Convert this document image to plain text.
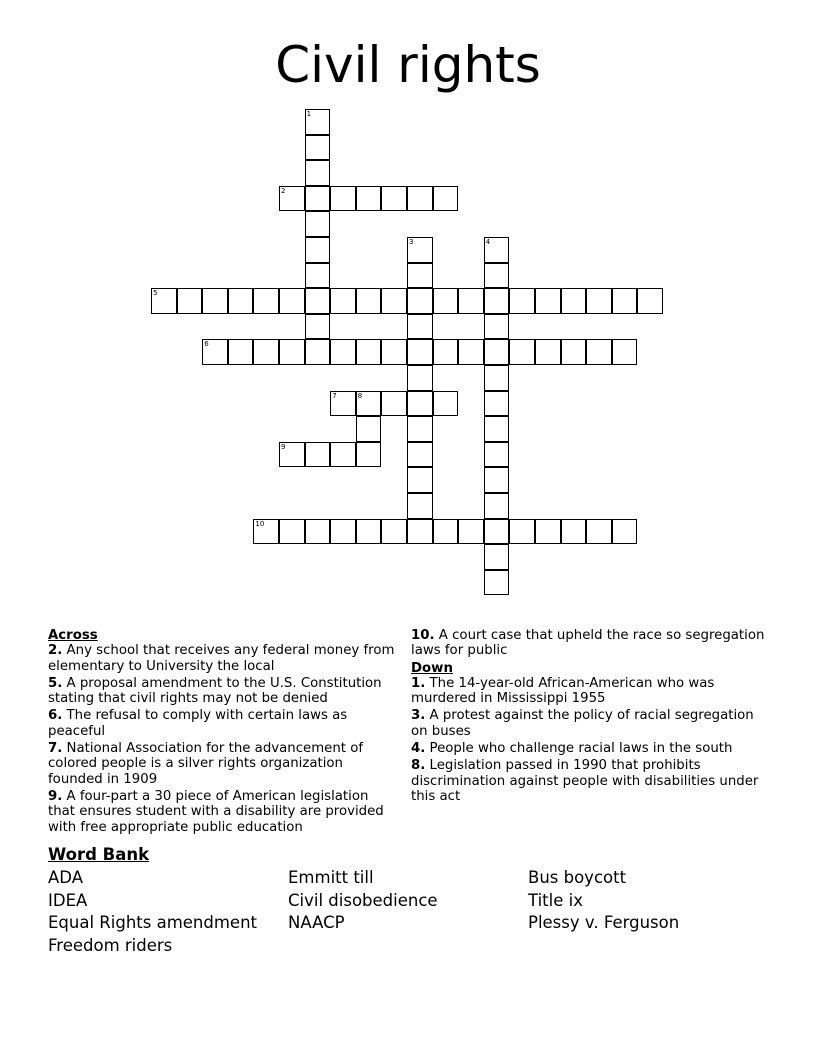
Civil rights
1
2
3	4
5
6
7	8
9
10
Across
2. Any school that receives any federal money from elementary to University the local
5. A proposal amendment to the U.S. Constitution stating that civil rights may not be denied
6. The refusal to comply with certain laws as peaceful
7. National Association for the advancement of colored people is a silver rights organization founded in 1909
9. A four-part a 30 piece of American legislation that ensures student with a disability are provided with free appropriate public education
10. A court case that upheld the race so segregation laws for public
Down
1. The 14-year-old African-American who was murdered in Mississippi 1955
3. A protest against the policy of racial segregation on buses
4. People who challenge racial laws in the south
8. Legislation passed in 1990 that prohibits discrimination against people with disabilities under this act
Word Bank
ADA
IDEA
Equal Rights amendment
Freedom riders
Emmitt till
Civil disobedience
NAACP
Bus boycott
Title ix
Plessy v. Ferguson
